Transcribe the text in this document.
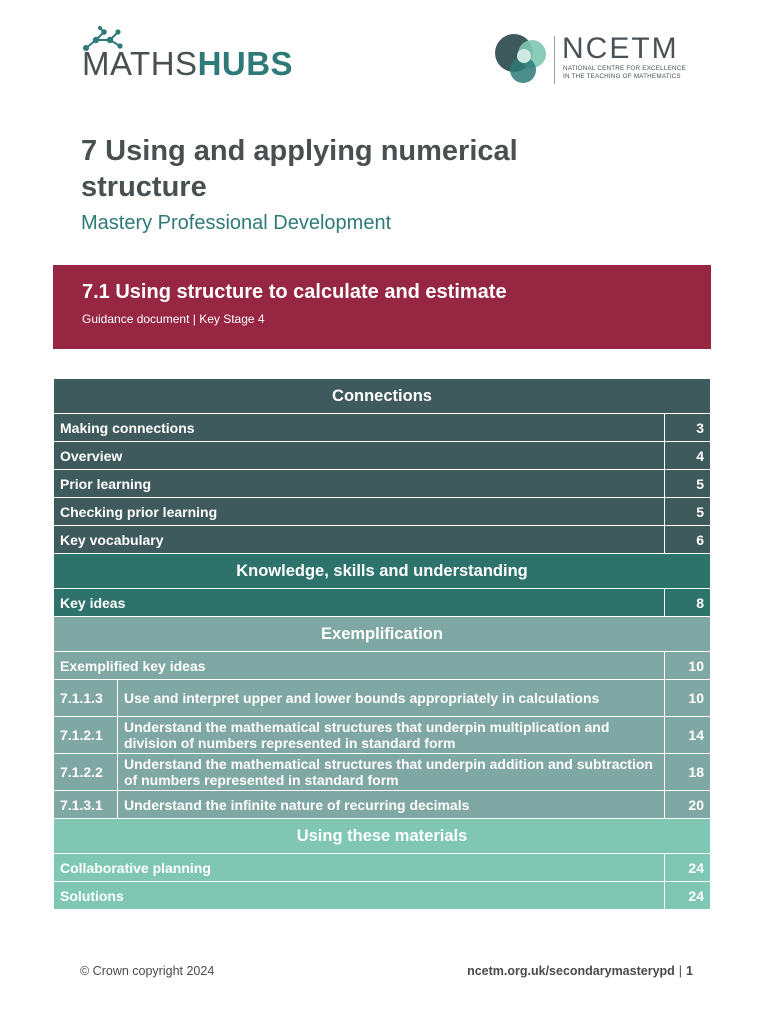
MATHSHUBS	NCETM
NATIONAL CENTRE FOR EXCELLENCE
IN THE TEACHING OF MATHEMATICS
7 Using and applying numerical structure
Mastery Professional Development
7.1 Using structure to calculate and estimate
Guidance document | Key Stage 4
Connections		
Making connections		3
Overview		4
Prior learning		5
Checking prior learning		5
Key vocabulary		6
Knowledge, skills and understanding		
Key ideas		8
Exemplification		
Exemplified key ideas		10
7.1.1.3	Use and interpret upper and lower bounds appropriately in calculations	10
7.1.2.1	Understand the mathematical structures that underpin multiplication and division of numbers represented in standard form	14
7.1.2.2	Understand the mathematical structures that underpin addition and subtraction of numbers represented in standard form	18
7.1.3.1	Understand the infinite nature of recurring decimals	20
Using these materials		
Collaborative planning		24
Solutions		24
© Crown copyright 2024	ncetm.org.uk/secondarymasterypd | 1
